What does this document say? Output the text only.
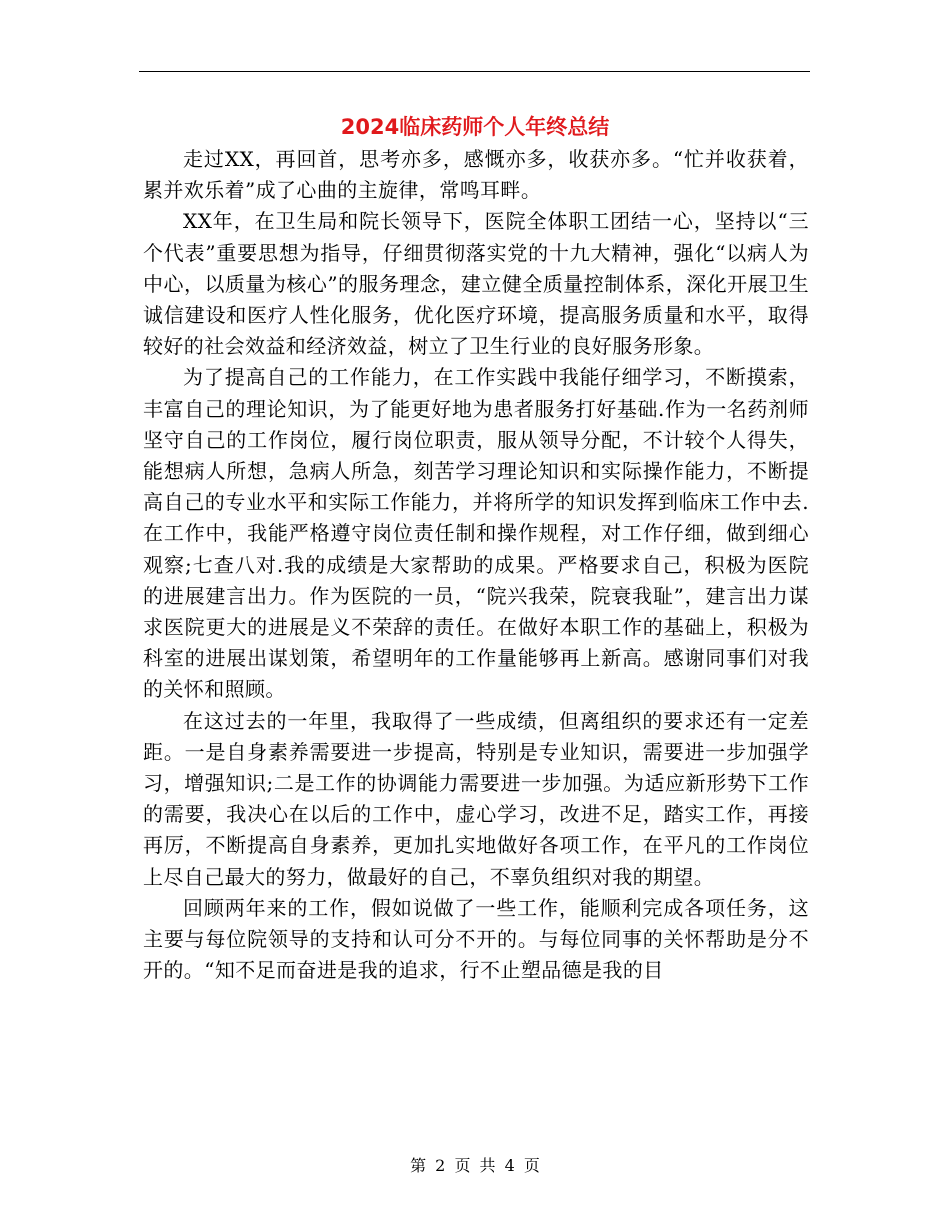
2024临床药师个人年终总结

走过XX，再回首，思考亦多，感慨亦多，收获亦多。“忙并收获着，累并欢乐着”成了心曲的主旋律，常鸣耳畔。

XX年，在卫生局和院长领导下，医院全体职工团结一心，坚持以“三个代表”重要思想为指导，仔细贯彻落实党的十九大精神，强化“以病人为中心，以质量为核心”的服务理念，建立健全质量控制体系，深化开展卫生诚信建设和医疗人性化服务，优化医疗环境，提高服务质量和水平，取得较好的社会效益和经济效益，树立了卫生行业的良好服务形象。

为了提高自己的工作能力，在工作实践中我能仔细学习，不断摸索，丰富自己的理论知识，为了能更好地为患者服务打好基础.作为一名药剂师坚守自己的工作岗位，履行岗位职责，服从领导分配，不计较个人得失，能想病人所想，急病人所急，刻苦学习理论知识和实际操作能力，不断提高自己的专业水平和实际工作能力，并将所学的知识发挥到临床工作中去.在工作中，我能严格遵守岗位责任制和操作规程，对工作仔细，做到细心观察;七查八对.我的成绩是大家帮助的成果。严格要求自己，积极为医院的进展建言出力。作为医院的一员，“院兴我荣，院衰我耻”，建言出力谋求医院更大的进展是义不荣辞的责任。在做好本职工作的基础上，积极为科室的进展出谋划策，希望明年的工作量能够再上新高。感谢同事们对我的关怀和照顾。

在这过去的一年里，我取得了一些成绩，但离组织的要求还有一定差距。一是自身素养需要进一步提高，特别是专业知识，需要进一步加强学习，增强知识;二是工作的协调能力需要进一步加强。为适应新形势下工作的需要，我决心在以后的工作中，虚心学习，改进不足，踏实工作，再接再厉，不断提高自身素养，更加扎实地做好各项工作，在平凡的工作岗位上尽自己最大的努力，做最好的自己，不辜负组织对我的期望。

回顾两年来的工作，假如说做了一些工作，能顺利完成各项任务，这主要与每位院领导的支持和认可分不开的。与每位同事的关怀帮助是分不开的。“知不足而奋进是我的追求，行不止塑品德是我的目

第 2 页 共 4 页
